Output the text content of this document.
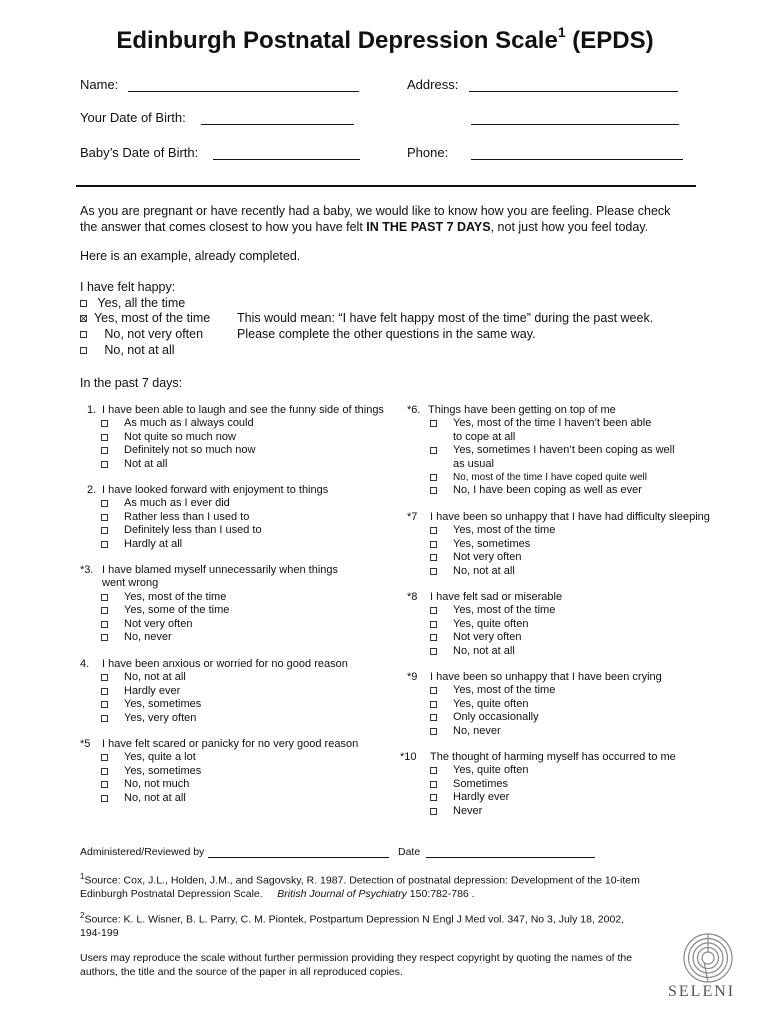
Edinburgh Postnatal Depression Scale$^1$ (EPDS)
Name:	Address:
Your Date of Birth:
Baby’s Date of Birth:	Phone:
As you are pregnant or have recently had a baby, we would like to know how you are feeling. Please check
the answer that comes closest to how you have felt IN THE PAST 7 DAYS, not just how you feel today.
Here is an example, already completed.
I have felt happy:
Yes, all the time
Yes, most of the time
No, not very often
No, not at all
This would mean: “I have felt happy most of the time” during the past week.
Please complete the other questions in the same way.
In the past 7 days:
1. I have been able to laugh and see the funny side of things
As much as I always could
Not quite so much now
Definitely not so much now
Not at all
2. I have looked forward with enjoyment to things
As much as I ever did
Rather less than I used to
Definitely less than I used to
Hardly at all
*3. I have blamed myself unnecessarily when things
went wrong
Yes, most of the time
Yes, some of the time
Not very often
No, never
4. I have been anxious or worried for no good reason
No, not at all
Hardly ever
Yes, sometimes
Yes, very often
*5 I have felt scared or panicky for no very good reason
Yes, quite a lot
Yes, sometimes
No, not much
No, not at all
*6. Things have been getting on top of me
Yes, most of the time I haven’t been able
to cope at all
Yes, sometimes I haven’t been coping as well
as usual
No, most of the time I have coped quite well
No, I have been coping as well as ever
*7 I have been so unhappy that I have had difficulty sleeping
Yes, most of the time
Yes, sometimes
Not very often
No, not at all
*8 I have felt sad or miserable
Yes, most of the time
Yes, quite often
Not very often
No, not at all
*9 I have been so unhappy that I have been crying
Yes, most of the time
Yes, quite often
Only occasionally
No, never
*10 The thought of harming myself has occurred to me
Yes, quite often
Sometimes
Hardly ever
Never
Administered/Reviewed by	Date
$^1$Source: Cox, J.L., Holden, J.M., and Sagovsky, R. 1987. Detection of postnatal depression: Development of the 10-item
Edinburgh Postnatal Depression Scale. British Journal of Psychiatry 150:782-786 .
$^2$Source: K. L. Wisner, B. L. Parry, C. M. Piontek, Postpartum Depression N Engl J Med vol. 347, No 3, July 18, 2002,
194-199
Users may reproduce the scale without further permission providing they respect copyright by quoting the names of the
authors, the title and the source of the paper in all reproduced copies.
SELENI
